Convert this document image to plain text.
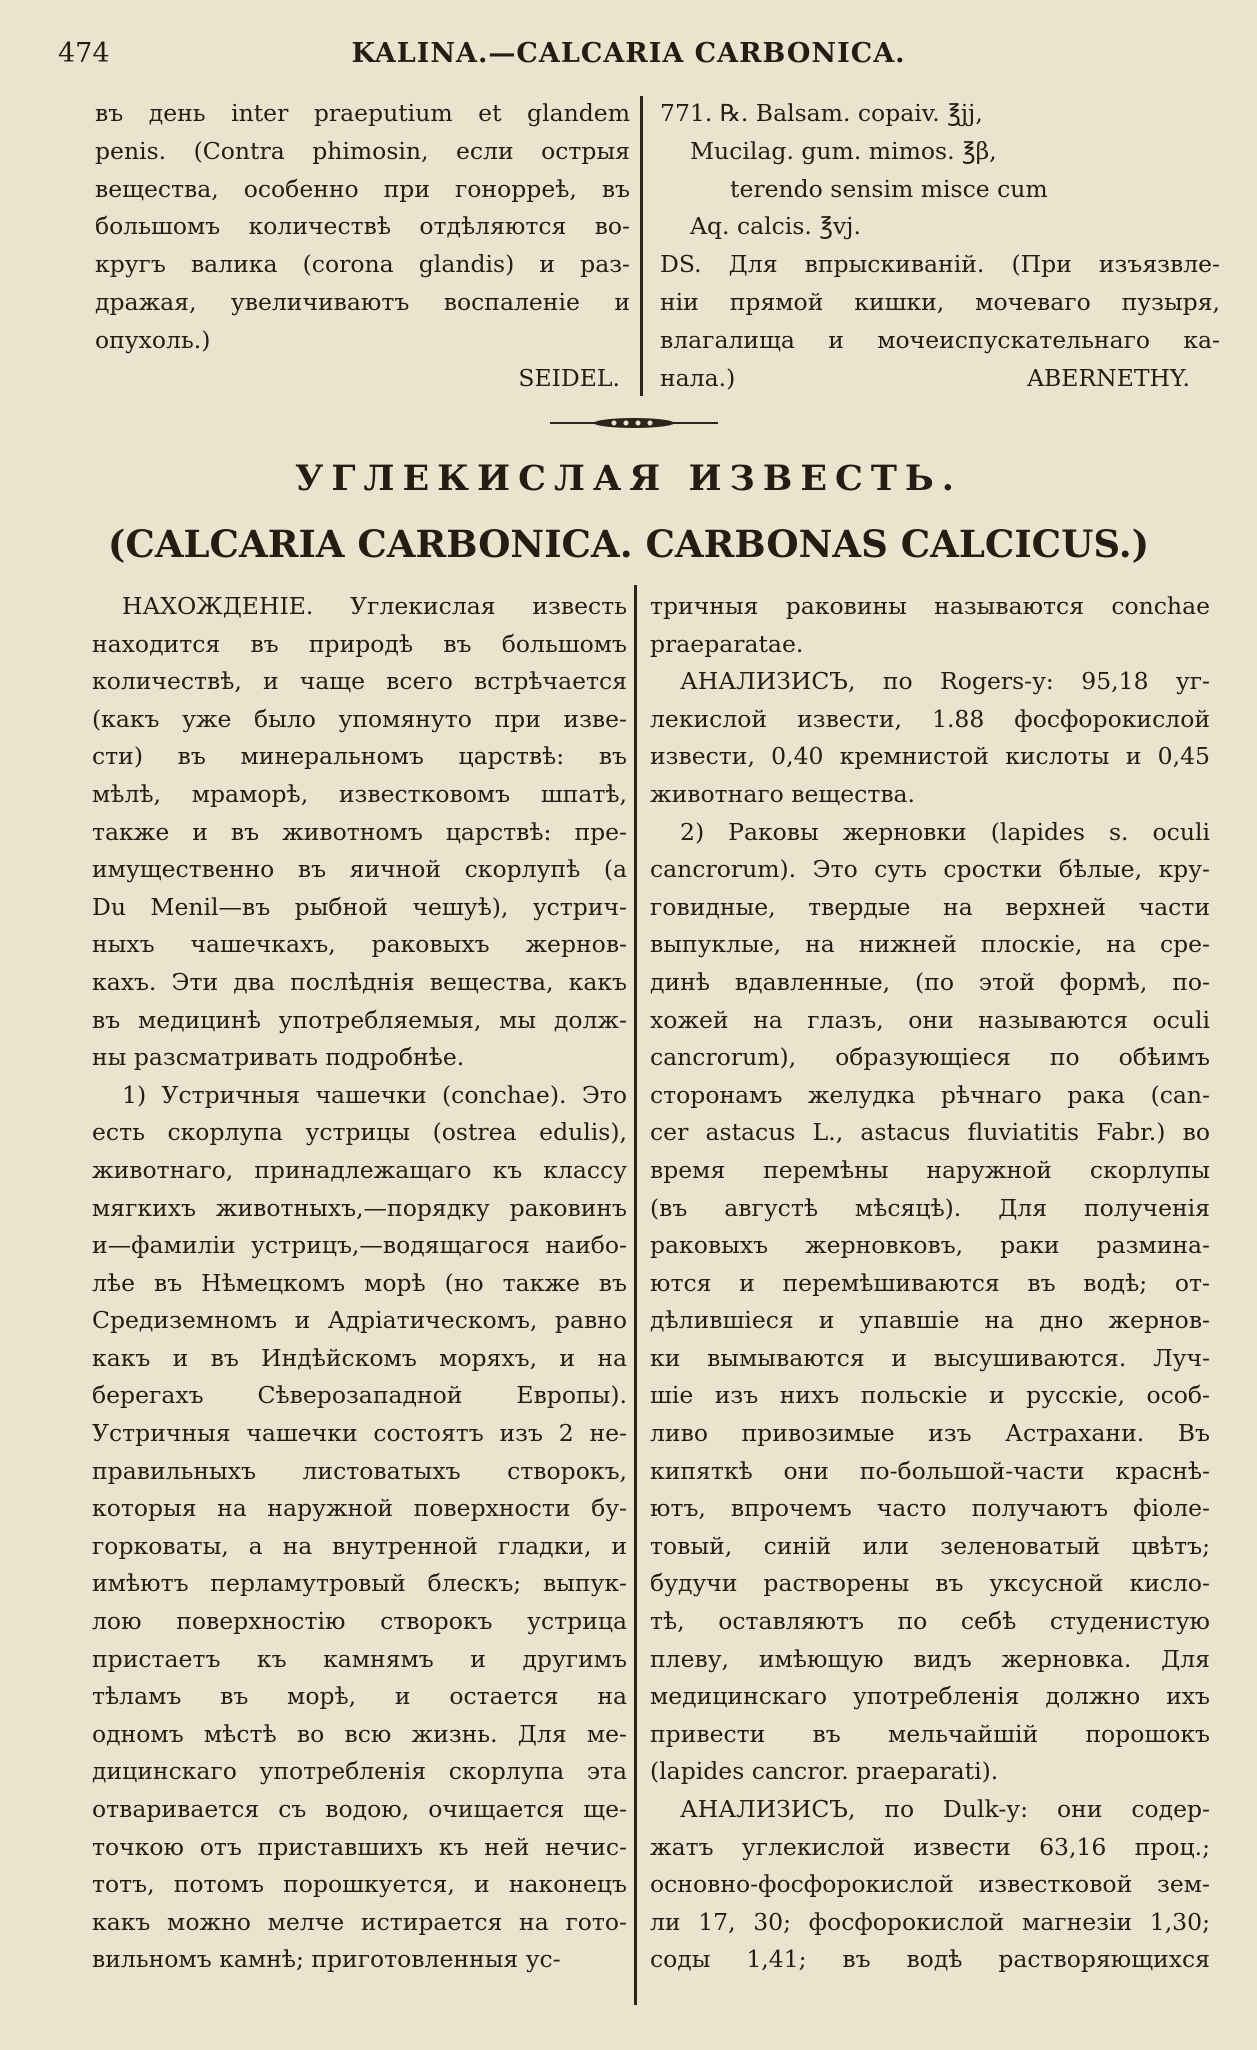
474	KALINA.—CALCARIA CARBONICA.
въ день inter praeputium et glandem
penis. (Contra phimosin, если острыя
вещества, особенно при гонорреѣ, въ
большомъ количествѣ отдѣляются во-
кругъ валика (corona glandis) и раз-
дражая, увеличиваютъ воспаленіе и
опухоль.)
SEIDEL.
771. ℞. Balsam. copaiv. ℥jj,
Mucilag. gum. mimos. ℥β,
terendo sensim misce cum
Aq. calcis. ℥vj.
DS. Для впрыскиваній. (При изъязвле-
ніи прямой кишки, мочеваго пузыря,
влагалища и мочеиспускательнаго ка-
нала.)	ABERNETHY.
УГЛЕКИСЛАЯ ИЗВЕСТЬ.
(CALCARIA CARBONICA. CARBONAS CALCICUS.)
НАХОЖДЕНІЕ. Углекислая известь
находится въ природѣ въ большомъ
количествѣ, и чаще всего встрѣчается
(какъ уже было упомянуто при изве-
сти) въ минеральномъ царствѣ: въ
мѣлѣ, мраморѣ, известковомъ шпатѣ,
также и въ животномъ царствѣ: пре-
имущественно въ яичной скорлупѣ (а
Du Menil—въ рыбной чешуѣ), устрич-
ныхъ чашечкахъ, раковыхъ жернов-
кахъ. Эти два послѣднія вещества, какъ
въ медицинѣ употребляемыя, мы долж-
ны разсматривать подробнѣе.
1) Устричныя чашечки (conchae). Это
есть скорлупа устрицы (ostrea edulis),
животнаго, принадлежащаго къ классу
мягкихъ животныхъ,—порядку раковинъ
и—фамиліи устрицъ,—водящагося наибо-
лѣе въ Нѣмецкомъ морѣ (но также въ
Средиземномъ и Адріатическомъ, равно
какъ и въ Индѣйскомъ моряхъ, и на
берегахъ Сѣверозападной Европы).
Устричныя чашечки состоятъ изъ 2 не-
правильныхъ листоватыхъ створокъ,
которыя на наружной поверхности бу-
горковаты, а на внутренной гладки, и
имѣютъ перламутровый блескъ; выпук-
лою поверхностію створокъ устрица
пристаетъ къ камнямъ и другимъ
тѣламъ въ морѣ, и остается на
одномъ мѣстѣ во всю жизнь. Для ме-
дицинскаго употребленія скорлупа эта
отваривается съ водою, очищается ще-
точкою отъ приставшихъ къ ней нечис-
тотъ, потомъ порошкуется, и наконецъ
какъ можно мелче истирается на гото-
вильномъ камнѣ; приготовленныя ус-
тричныя раковины называются conchae
praeparatae.
АНАЛИЗИСЪ, по Rogers-у: 95,18 уг-
лекислой извести, 1.88 фосфорокислой
извести, 0,40 кремнистой кислоты и 0,45
животнаго вещества.
2) Раковы жерновки (lapides s. oculi
cancrorum). Это суть сростки бѣлые, кру-
говидные, твердые на верхней части
выпуклые, на нижней плоскіе, на сре-
динѣ вдавленные, (по этой формѣ, по-
хожей на глазъ, они называются oculi
cancrorum), образующіеся по обѣимъ
сторонамъ желудка рѣчнаго рака (can-
cer astacus L., astacus fluviatitis Fabr.) во
время перемѣны наружной скорлупы
(въ августѣ мѣсяцѣ). Для полученія
раковыхъ жерновковъ, раки размина-
ются и перемѣшиваются въ водѣ; от-
дѣлившіеся и упавшіе на дно жернов-
ки вымываются и высушиваются. Луч-
шіе изъ нихъ польскіе и русскіе, особ-
ливо привозимые изъ Астрахани. Въ
кипяткѣ они по-большой-части краснѣ-
ютъ, впрочемъ часто получаютъ фіоле-
товый, синій или зеленоватый цвѣтъ;
будучи растворены въ уксусной кисло-
тѣ, оставляютъ по себѣ студенистую
плеву, имѣющую видъ жерновка. Для
медицинскаго употребленія должно ихъ
привести въ мельчайшій порошокъ
(lapides cancror. praeparati).
АНАЛИЗИСЪ, по Dulk-у: они содер-
жатъ углекислой извести 63,16 проц.;
основно-фосфорокислой известковой зем-
ли 17, 30; фосфорокислой магнезіи 1,30;
соды 1,41; въ водѣ растворяющихся
